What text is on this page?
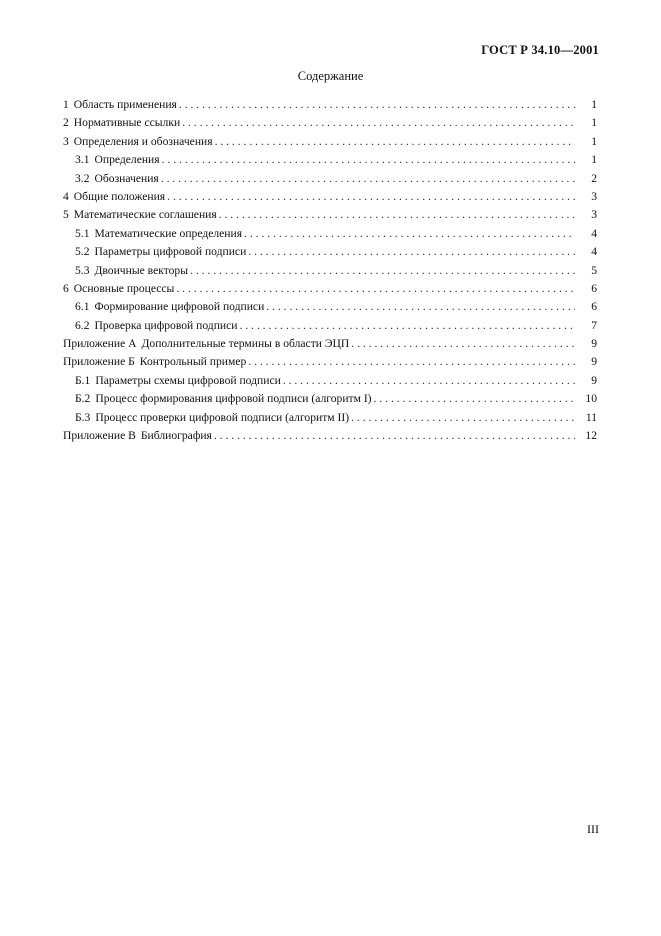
ГОСТ Р 34.10—2001
Содержание
1 Область применения . . .	1
2 Нормативные ссылки . . .	1
3 Определения и обозначения . . .	1
3.1 Определения . . .	1
3.2 Обозначения . . .	2
4 Общие положения . . .	3
5 Математические соглашения . . .	3
5.1 Математические определения . . .	4
5.2 Параметры цифровой подписи . . .	4
5.3 Двоичные векторы . . .	5
6 Основные процессы . . .	6
6.1 Формирование цифровой подписи . . .	6
6.2 Проверка цифровой подписи . . .	7
Приложение А Дополнительные термины в области ЭЦП . . .	9
Приложение Б Контрольный пример . . .	9
Б.1 Параметры схемы цифровой подписи . . .	9
Б.2 Процесс формирования цифровой подписи (алгоритм I) . . .	10
Б.3 Процесс проверки цифровой подписи (алгоритм II) . . .	11
Приложение В Библиография . . .	12
III
